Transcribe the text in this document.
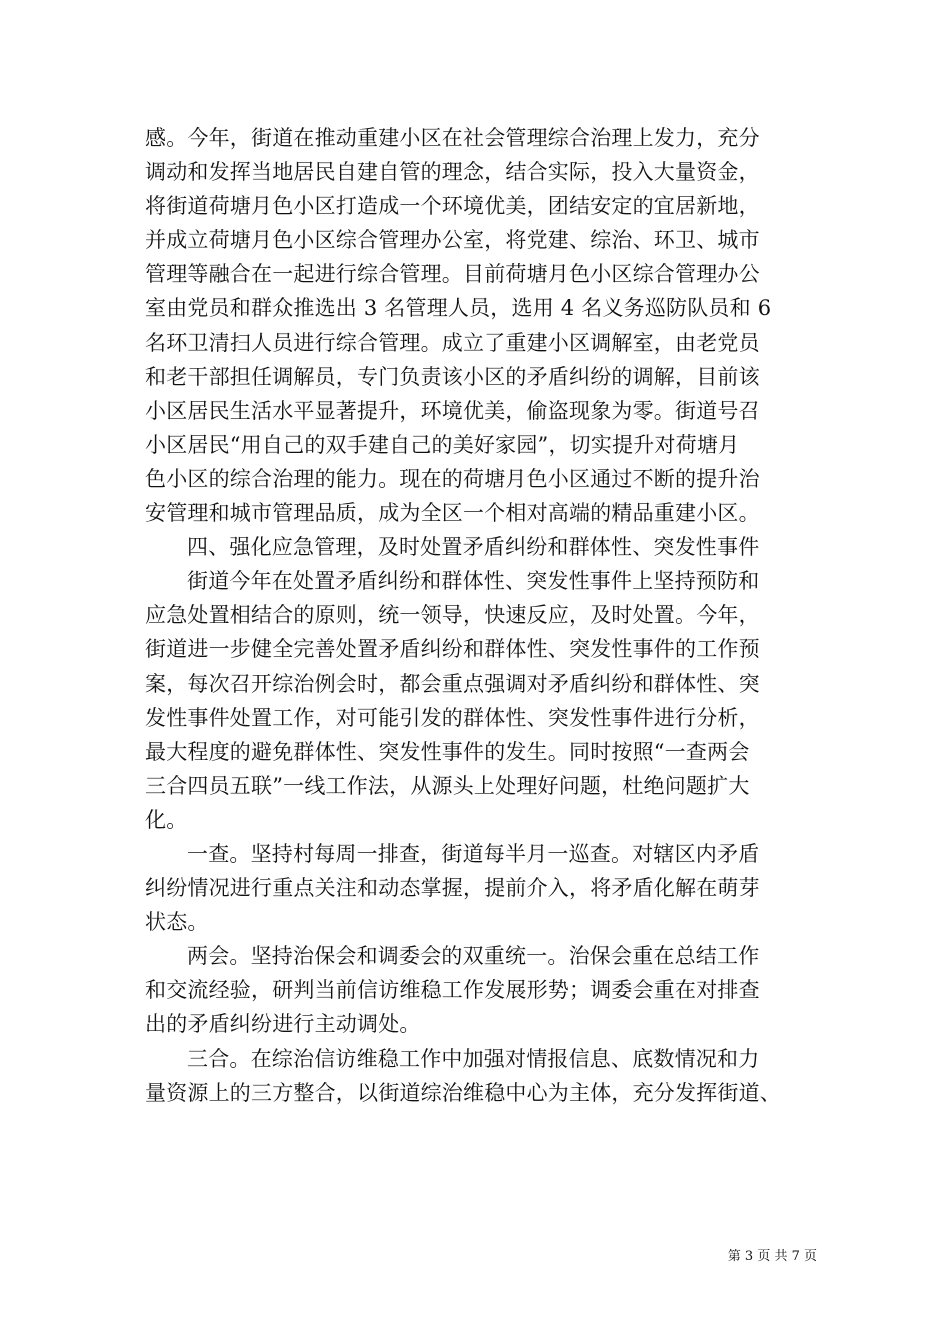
感。今年，街道在推动重建小区在社会管理综合治理上发力，充分
调动和发挥当地居民自建自管的理念，结合实际，投入大量资金，
将街道荷塘月色小区打造成一个环境优美，团结安定的宜居新地，
并成立荷塘月色小区综合管理办公室，将党建、综治、环卫、城市
管理等融合在一起进行综合管理。目前荷塘月色小区综合管理办公
室由党员和群众推选出 3 名管理人员，选用 4 名义务巡防队员和 6
名环卫清扫人员进行综合管理。成立了重建小区调解室，由老党员
和老干部担任调解员，专门负责该小区的矛盾纠纷的调解，目前该
小区居民生活水平显著提升，环境优美，偷盗现象为零。街道号召
小区居民“用自己的双手建自己的美好家园”，切实提升对荷塘月
色小区的综合治理的能力。现在的荷塘月色小区通过不断的提升治
安管理和城市管理品质，成为全区一个相对高端的精品重建小区。
四、强化应急管理，及时处置矛盾纠纷和群体性、突发性事件
街道今年在处置矛盾纠纷和群体性、突发性事件上坚持预防和
应急处置相结合的原则，统一领导，快速反应，及时处置。今年，
街道进一步健全完善处置矛盾纠纷和群体性、突发性事件的工作预
案，每次召开综治例会时，都会重点强调对矛盾纠纷和群体性、突
发性事件处置工作，对可能引发的群体性、突发性事件进行分析，
最大程度的避免群体性、突发性事件的发生。同时按照“一查两会
三合四员五联”一线工作法，从源头上处理好问题，杜绝问题扩大
化。
一查。坚持村每周一排查，街道每半月一巡查。对辖区内矛盾
纠纷情况进行重点关注和动态掌握，提前介入，将矛盾化解在萌芽
状态。
两会。坚持治保会和调委会的双重统一。治保会重在总结工作
和交流经验，研判当前信访维稳工作发展形势；调委会重在对排查
出的矛盾纠纷进行主动调处。
三合。在综治信访维稳工作中加强对情报信息、底数情况和力
量资源上的三方整合，以街道综治维稳中心为主体，充分发挥街道、
第 3 页 共 7 页
